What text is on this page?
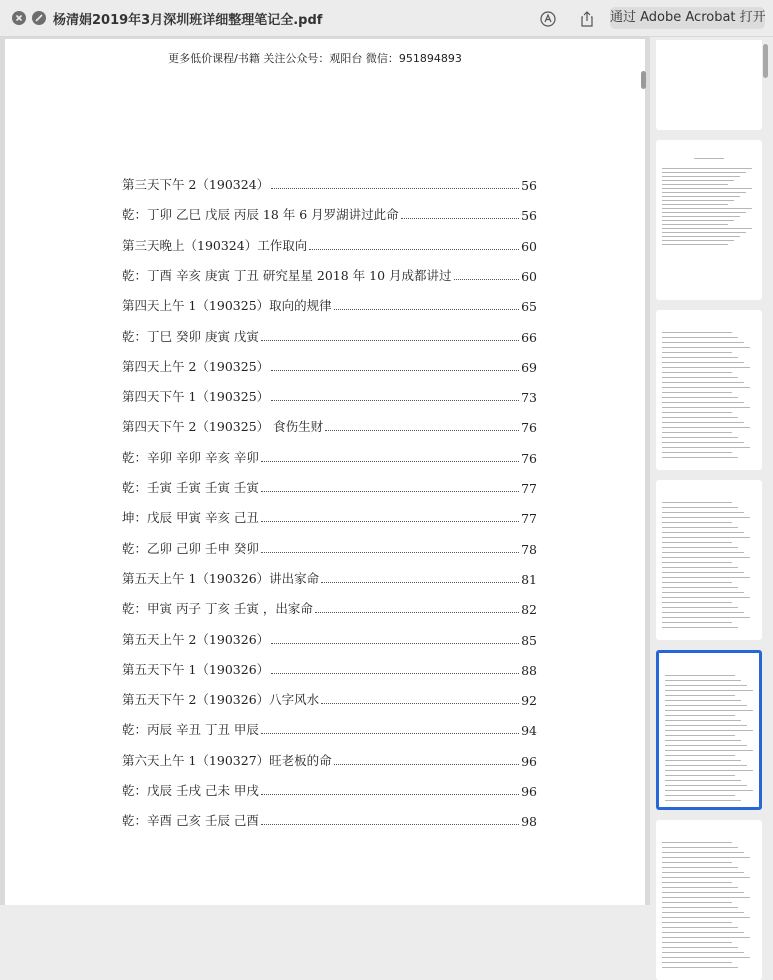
杨清娟2019年3月深圳班详细整理笔记全.pdf	通过 Adobe Acrobat 打开
更多低价课程/书籍 关注公众号：观阳台 微信：951894893
第三天下午 2（190324）	56
乾：丁卯 乙巳 戊辰 丙辰 18 年 6 月罗湖讲过此命	56
第三天晚上（190324）工作取向	60
乾：丁酉 辛亥 庚寅 丁丑 研究星星 2018 年 10 月成都讲过	60
第四天上午 1（190325）取向的规律	65
乾：丁巳 癸卯 庚寅 戊寅	66
第四天上午 2（190325）	69
第四天下午 1（190325）	73
第四天下午 2（190325） 食伤生财	76
乾：辛卯 辛卯 辛亥 辛卯	76
乾：壬寅 壬寅 壬寅 壬寅	77
坤：戊辰 甲寅 辛亥 己丑	77
乾：乙卯 己卯 壬申 癸卯	78
第五天上午 1（190326）讲出家命	81
乾：甲寅 丙子 丁亥 壬寅 ，出家命	82
第五天上午 2（190326）	85
第五天下午 1（190326）	88
第五天下午 2（190326）八字风水	92
乾：丙辰 辛丑 丁丑 甲辰	94
第六天上午 1（190327）旺老板的命	96
乾：戊辰 壬戌 己未 甲戌	96
乾：辛酉 己亥 壬辰 己酉	98
